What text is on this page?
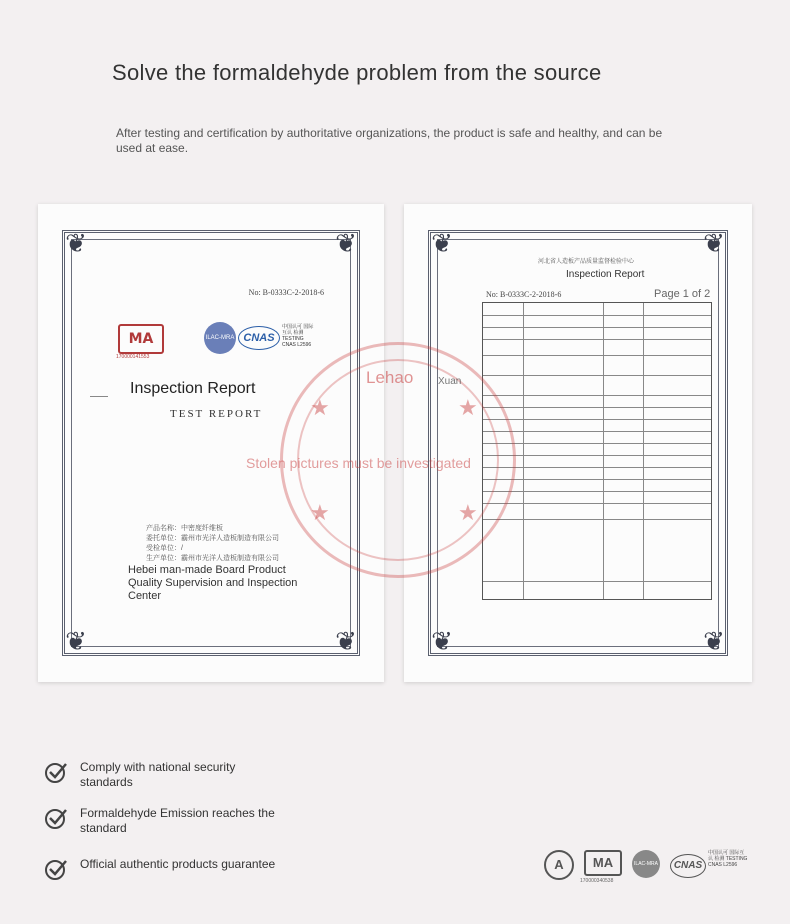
Solve the formaldehyde problem from the source
After testing and certification by authoritative organizations, the product is safe and healthy, and can be used at ease.
❦	❦
❦	❦
No: B-0333C-2-2018-6
MA
170000141553
ILAC-MRA CNAS
中国认可 国际互认 检测 TESTING CNAS L2596
Inspection Report
TEST REPORT
产品名称：中密度纤维板
委托单位：霸州市光洋人造板制造有限公司
受检单位：/
生产单位：霸州市光洋人造板制造有限公司
Hebei man-made Board Product Quality Supervision and Inspection Center
❦	❦
❦	❦
河北省人造板产品质量监督检验中心
Inspection Report
No: B-0333C-2-2018-6	Page 1 of 2
★	★
★	★
Lehao Xuan
Stolen pictures must be investigated
Comply with national security standards
Formaldehyde Emission reaches the standard
Official authentic products guarantee	A	MA
170000340538
ILAC-MRA	CNAS
中国认可 国际互认 检测 TESTING CNAS L2596
